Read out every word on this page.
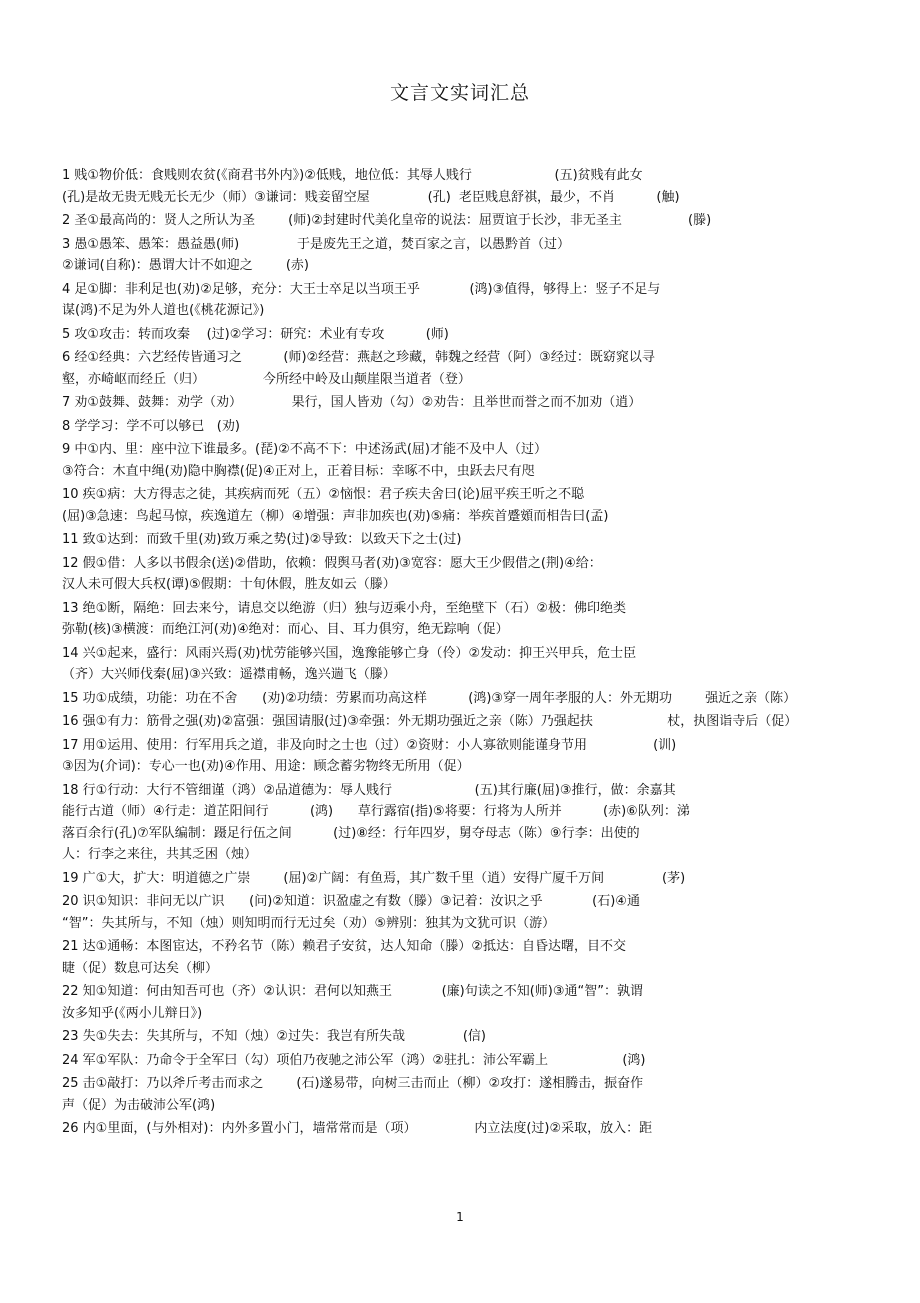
文言文实词汇总
1 贱①物价低：食贱则农贫(《商君书外内》)②低贱，地位低：其辱人贱行                    (五)贫贱有此女
(孔)是故无贵无贱无长无少（师）③谦词：贱妾留空屋              (孔)  老臣贱息舒祺，最少，不肖          (触)
2 圣①最高尚的：贤人之所认为圣        (师)②封建时代美化皇帝的说法：屈贾谊于长沙，非无圣主                (滕)
3 愚①愚笨、愚笨：愚益愚(师)              于是废先王之道，焚百家之言，以愚黔首（过）
②谦词(自称)：愚谓大计不如迎之        (赤)
4 足①脚：非利足也(劝)②足够，充分：大王士卒足以当项王乎            (鸿)③值得，够得上：竖子不足与
谋(鸿)不足为外人道也(《桃花源记》)
5 攻①攻击：转而攻秦    (过)②学习：研究：术业有专攻          (师)
6 经①经典：六艺经传皆通习之          (师)②经营：燕赵之珍藏，韩魏之经营（阿）③经过：既窈窕以寻
壑，亦崎岖而经丘（归）              今所经中岭及山颠崖限当道者（登）
7 劝①鼓舞、鼓舞：劝学（劝）            果行，国人皆劝（勾）②劝告：且举世而誉之而不加劝（逍）
8 学学习：学不可以够已   (劝)
9 中①内、里：座中泣下谁最多。(琵)②不高不下：中述汤武(屈)才能不及中人（过）
③符合：木直中绳(劝)隐中胸襟(促)④正对上，正着目标：幸啄不中，虫跃去尺有咫
10 疾①病：大方得志之徒，其疾病而死（五）②恼恨：君子疾夫舍曰(论)屈平疾王听之不聪
(屈)③急速：鸟起马惊，疾逸道左（柳）④增强：声非加疾也(劝)⑤痛：举疾首蹙頞而相告曰(孟)
11 致①达到：而致千里(劝)致万乘之势(过)②导致：以致天下之士(过)
12 假①借：人多以书假余(送)②借助，依赖：假舆马者(劝)③宽容：愿大王少假借之(荆)④给：
汉人未可假大兵权(谭)⑤假期：十旬休假，胜友如云（滕）
13 绝①断，隔绝：回去来兮，请息交以绝游（归）独与迈乘小舟，至绝壁下（石）②极：佛印绝类
弥勒(核)③横渡：而绝江河(劝)④绝对：而心、目、耳力俱穷，绝无踪响（促）
14 兴①起来，盛行：风雨兴焉(劝)忧劳能够兴国，逸豫能够亡身（伶）②发动：抑王兴甲兵，危士臣
（齐）大兴师伐秦(屈)③兴致：遥襟甫畅，逸兴遄飞（滕）
15 功①成绩，功能：功在不舍      (劝)②功绩：劳累而功高这样          (鸿)③穿一周年孝服的人：外无期功        强近之亲（陈）
16 强①有力：筋骨之强(劝)②富强：强国请服(过)③牵强：外无期功强近之亲（陈）乃强起扶                  杖，执图诣寺后（促）
17 用①运用、使用：行军用兵之道，非及向时之士也（过）②资财：小人寡欲则能谨身节用                (训)
③因为(介词)：专心一也(劝)④作用、用途：顾念蓄劣物终无所用（促）
18 行①行动：大行不管细谨（鸿）②品道德为：辱人贱行                    (五)其行廉(屈)③推行，做：余嘉其
能行古道（师）④行走：道芷阳间行          (鸿)      草行露宿(指)⑤将要：行将为人所并          (赤)⑥队列：涕
落百余行(孔)⑦军队编制：蹑足行伍之间          (过)⑧经：行年四岁，舅夺母志（陈）⑨行李：出使的
人：行李之来往，共其乏困（烛）
19 广①大，扩大：明道德之广崇        (屈)②广阔：有鱼焉，其广数千里（逍）安得广厦千万间              (茅)
20 识①知识：非问无以广识      (问)②知道：识盈虚之有数（滕）③记着：汝识之乎            (石)④通
“智”：失其所与，不知（烛）则知明而行无过矣（劝）⑤辨别：独其为文犹可识（游）
21 达①通畅：本图宦达，不矜名节（陈）赖君子安贫，达人知命（滕）②抵达：自昏达曙，目不交
睫（促）数息可达矣（柳）
22 知①知道：何由知吾可也（齐）②认识：君何以知燕王            (廉)句读之不知(师)③通“智”：孰谓
汝多知乎(《两小儿辩日》)
23 失①失去：失其所与，不知（烛）②过失：我岂有所失哉              (信)
24 军①军队：乃命令于全军曰（勾）项伯乃夜驰之沛公军（鸿）②驻扎：沛公军霸上                  (鸿)
25 击①敲打：乃以斧斤考击而求之        (石)遂易带，向树三击而止（柳）②攻打：遂相腾击，振奋作
声（促）为击破沛公军(鸿)
26 内①里面，(与外相对)：内外多置小门，墙常常而是（项）              内立法度(过)②采取，放入：距
1
